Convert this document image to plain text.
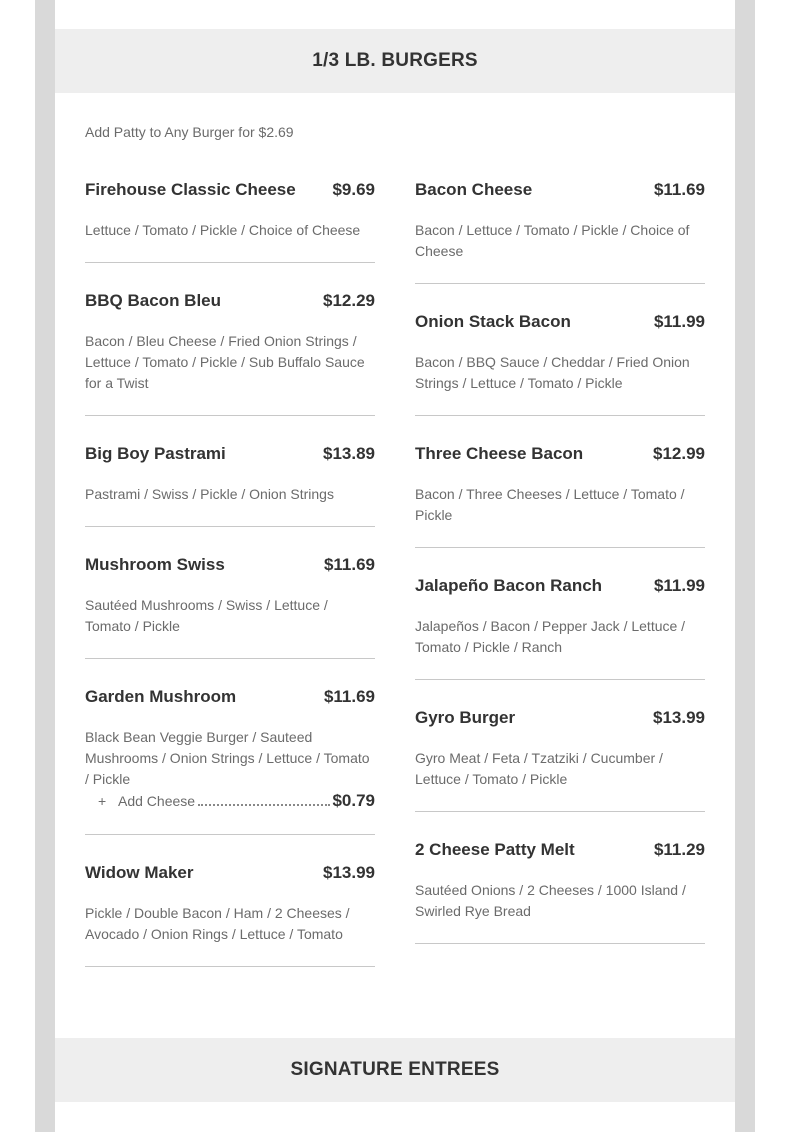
1/3 LB. BURGERS
Add Patty to Any Burger for $2.69
Firehouse Classic Cheese $9.69
Lettuce / Tomato / Pickle / Choice of Cheese
BBQ Bacon Bleu	$12.29
Bacon / Bleu Cheese / Fried Onion Strings / Lettuce / Tomato / Pickle / Sub Buffalo Sauce for a Twist
Big Boy Pastrami	$13.89
Pastrami / Swiss / Pickle / Onion Strings
Mushroom Swiss	$11.69
Sautéed Mushrooms / Swiss / Lettuce / Tomato / Pickle
Garden Mushroom	$11.69
Black Bean Veggie Burger / Sauteed Mushrooms / Onion Strings / Lettuce / Tomato / Pickle
+ Add Cheese	$0.79
Widow Maker	$13.99
Pickle / Double Bacon / Ham / 2 Cheeses / Avocado / Onion Rings / Lettuce / Tomato
Bacon Cheese	$11.69
Bacon / Lettuce / Tomato / Pickle / Choice of Cheese
Onion Stack Bacon	$11.99
Bacon / BBQ Sauce / Cheddar / Fried Onion Strings / Lettuce / Tomato / Pickle
Three Cheese Bacon	$12.99
Bacon / Three Cheeses / Lettuce / Tomato / Pickle
Jalapeño Bacon Ranch	$11.99
Jalapeños / Bacon / Pepper Jack / Lettuce / Tomato / Pickle / Ranch
Gyro Burger	$13.99
Gyro Meat / Feta / Tzatziki / Cucumber / Lettuce / Tomato / Pickle
2 Cheese Patty Melt	$11.29
Sautéed Onions / 2 Cheeses / 1000 Island / Swirled Rye Bread
SIGNATURE ENTREES
